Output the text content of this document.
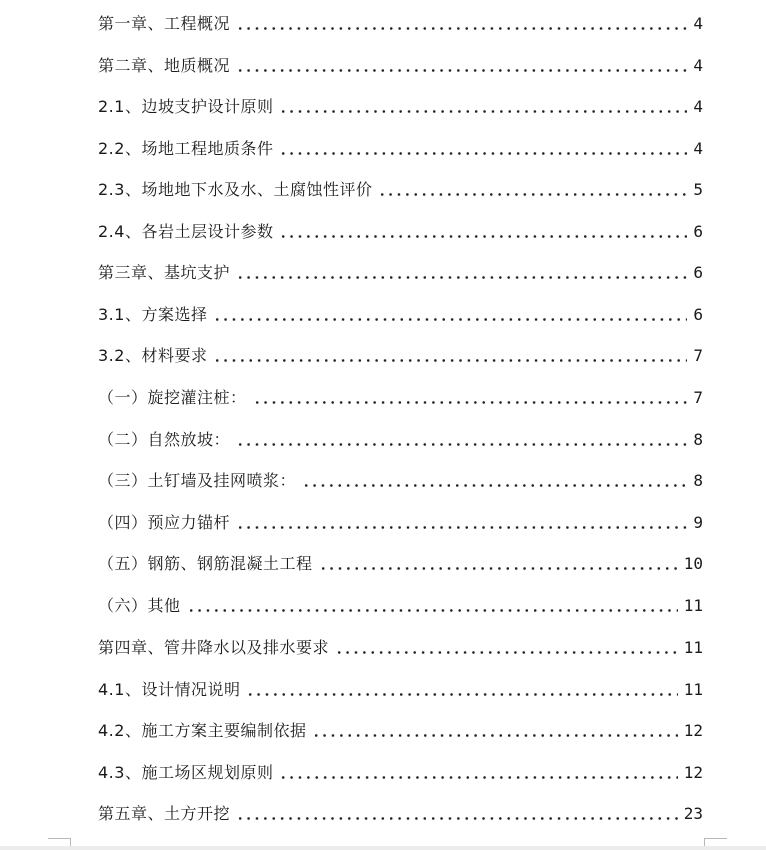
第一章、工程概况	4
第二章、地质概况	4
2.1、边坡支护设计原则	4
2.2、场地工程地质条件	4
2.3、场地地下水及水、土腐蚀性评价	5
2.4、各岩土层设计参数	6
第三章、基坑支护	6
3.1、方案选择	6
3.2、材料要求	7
（一）旋挖灌注桩：	7
（二）自然放坡：	8
（三）土钉墙及挂网喷浆：	8
（四）预应力锚杆	9
（五）钢筋、钢筋混凝土工程	10
（六）其他	11
第四章、管井降水以及排水要求	11
4.1、设计情况说明	11
4.2、施工方案主要编制依据	12
4.3、施工场区规划原则	12
第五章、土方开挖	23
